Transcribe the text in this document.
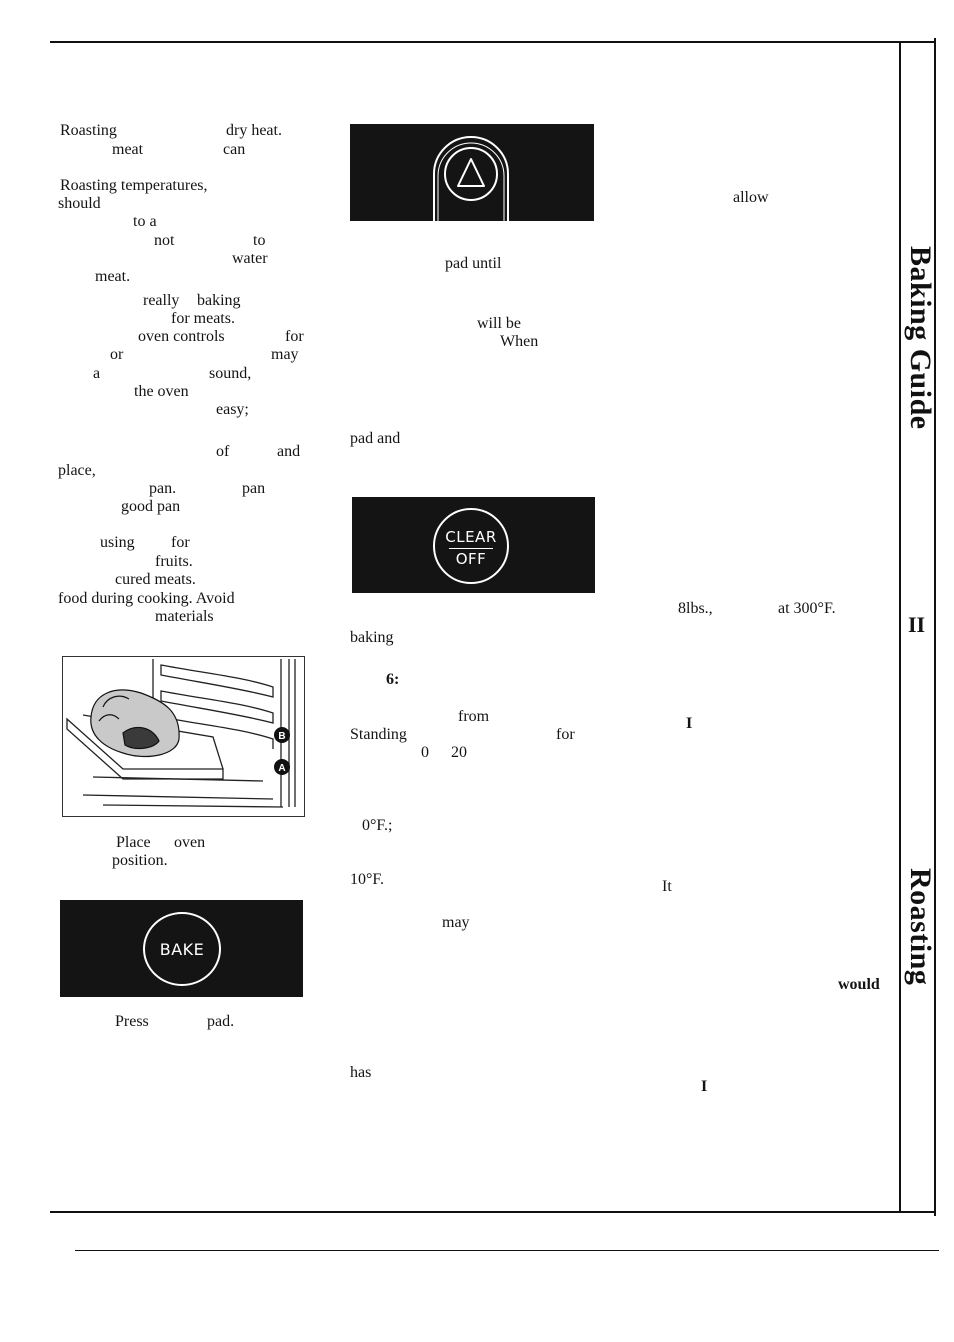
Baking Guide
II
Roasting
Roasting	dry heat.
meat	can
Roasting temperatures,
should
to a
not	to
water
meat.
really baking
for meats.
oven controls	for
or	may
a	sound,
the oven
easy;
of	and
place,
pan.	pan
good pan
using for
fruits.
cured meats.
food during cooking. Avoid
materials
B
A
Place oven
position.
BAKE
Press	pad.
pad until
will be
When
pad and
CLEAR
OFF
baking
6:
from
Standing	for
0 20
0°F.;
10°F.
may
has
allow
8lbs.,	at 300°F.
I
It
would
I
